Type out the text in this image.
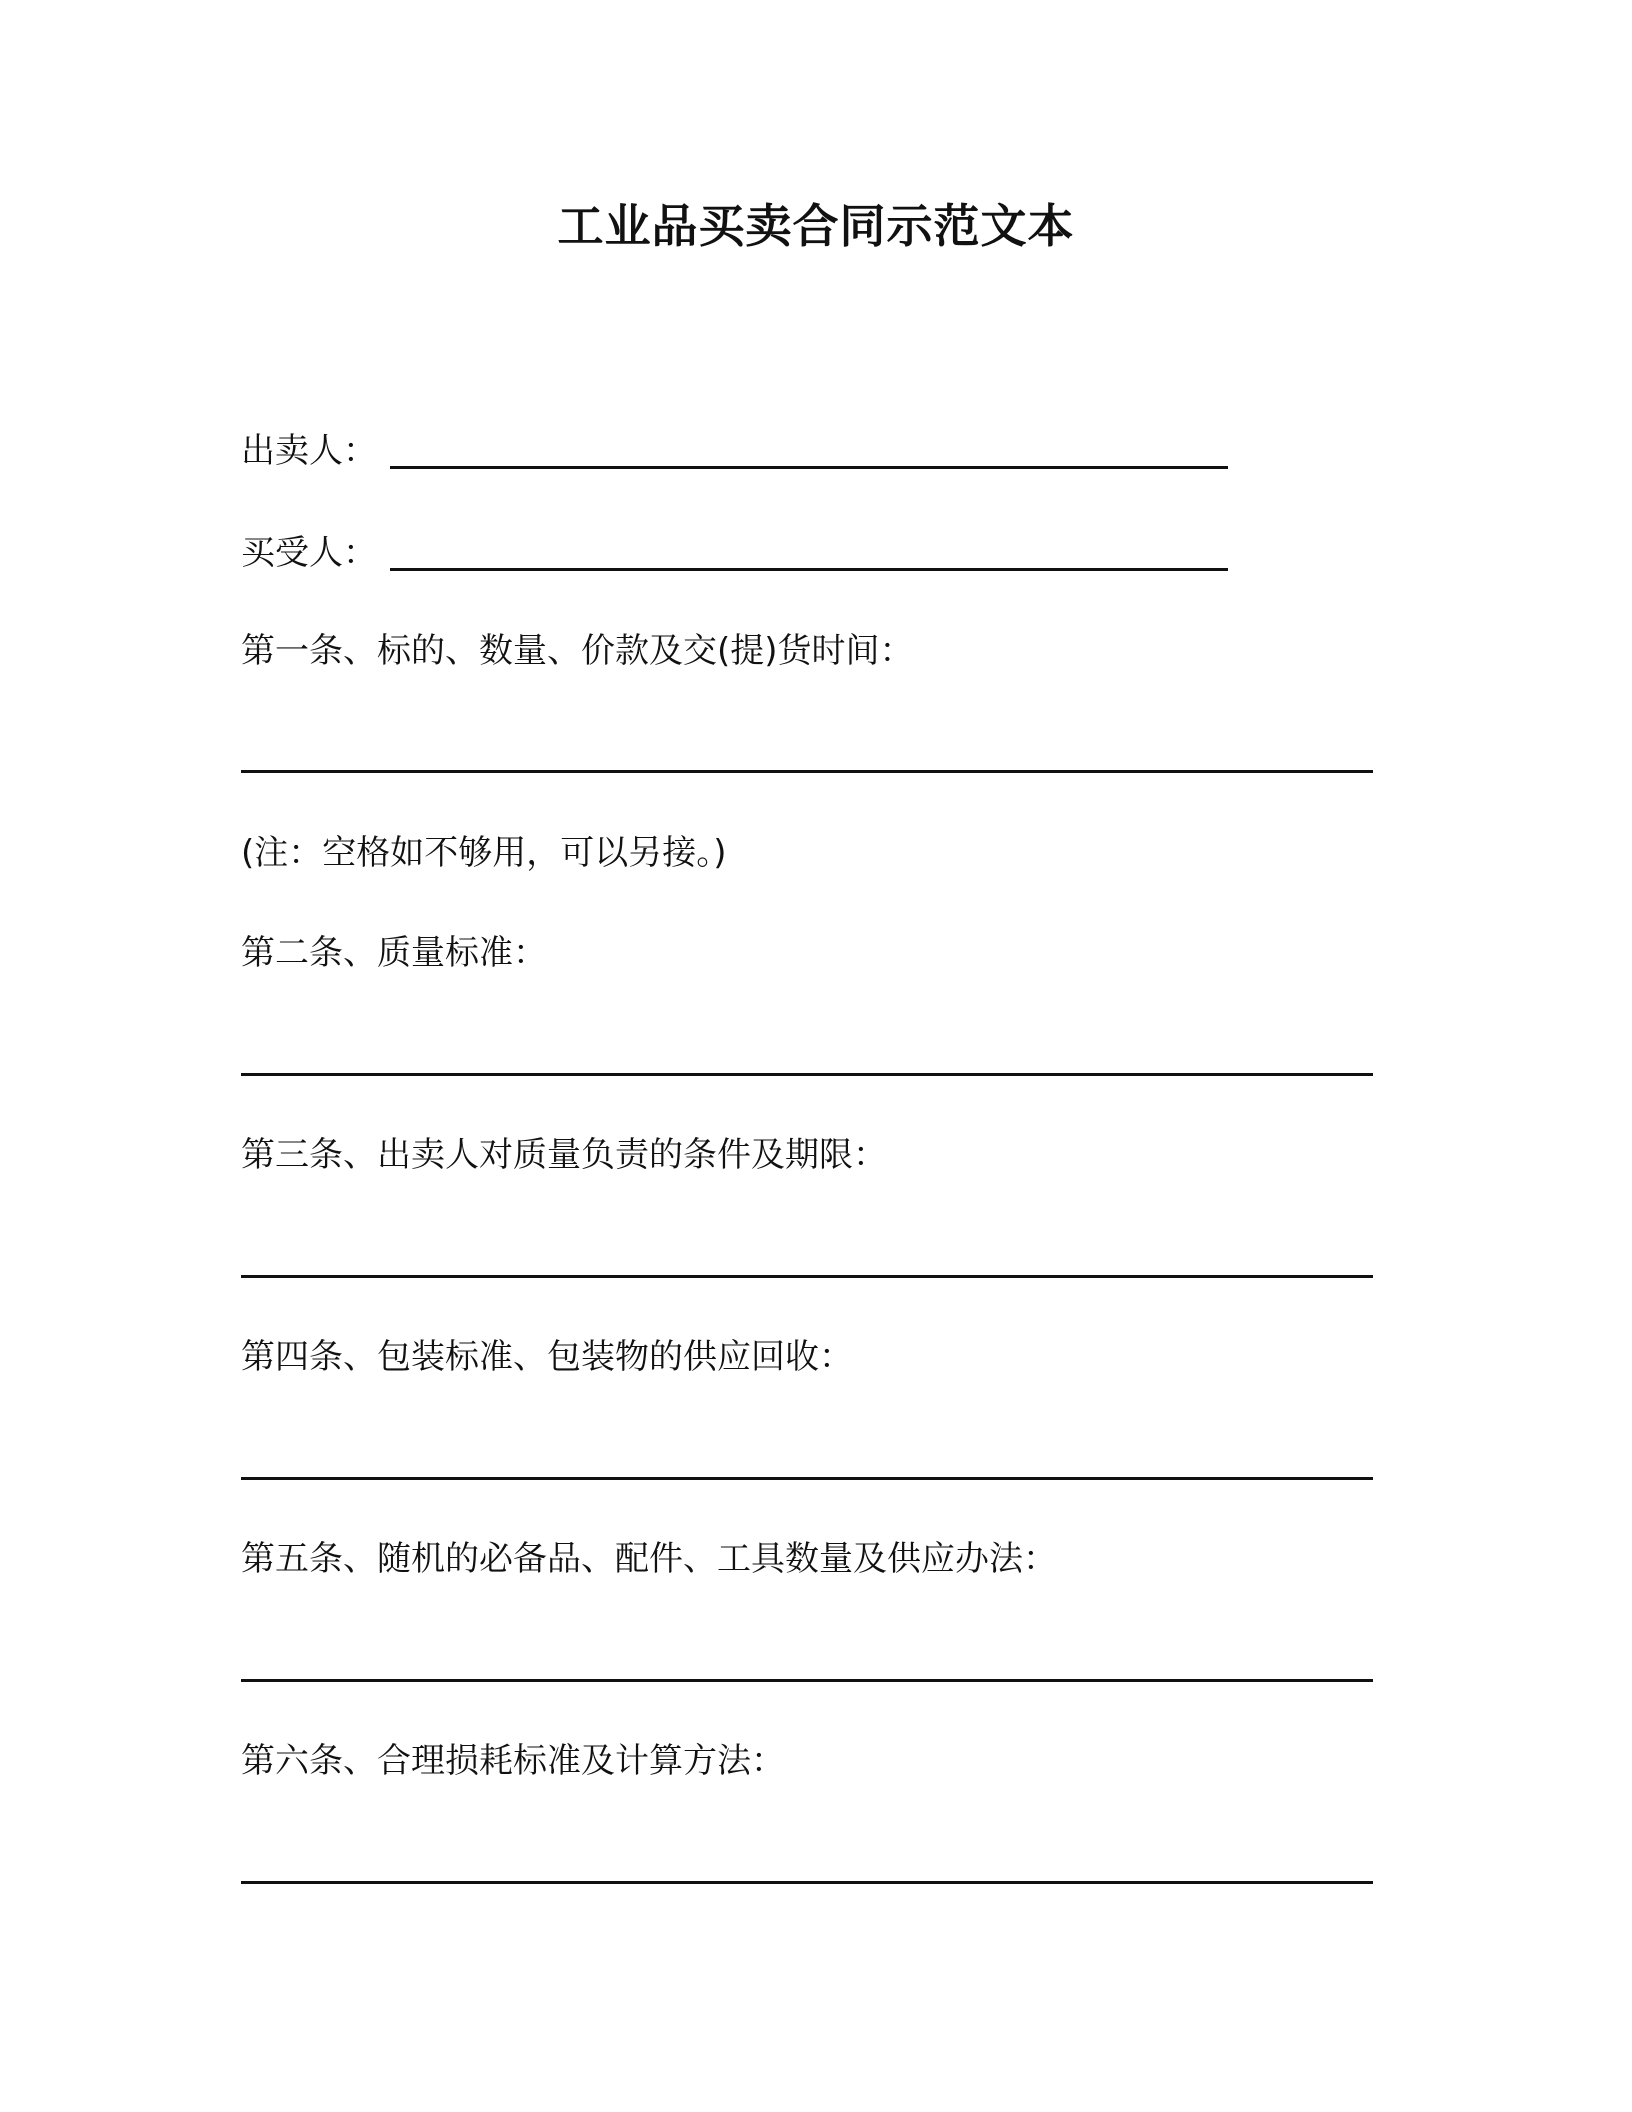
工业品买卖合同示范文本
出卖人：
买受人：
第一条、标的、数量、价款及交(提)货时间：
(注：空格如不够用，可以另接。)
第二条、质量标准：
第三条、出卖人对质量负责的条件及期限：
第四条、包装标准、包装物的供应回收：
第五条、随机的必备品、配件、工具数量及供应办法：
第六条、合理损耗标准及计算方法：
